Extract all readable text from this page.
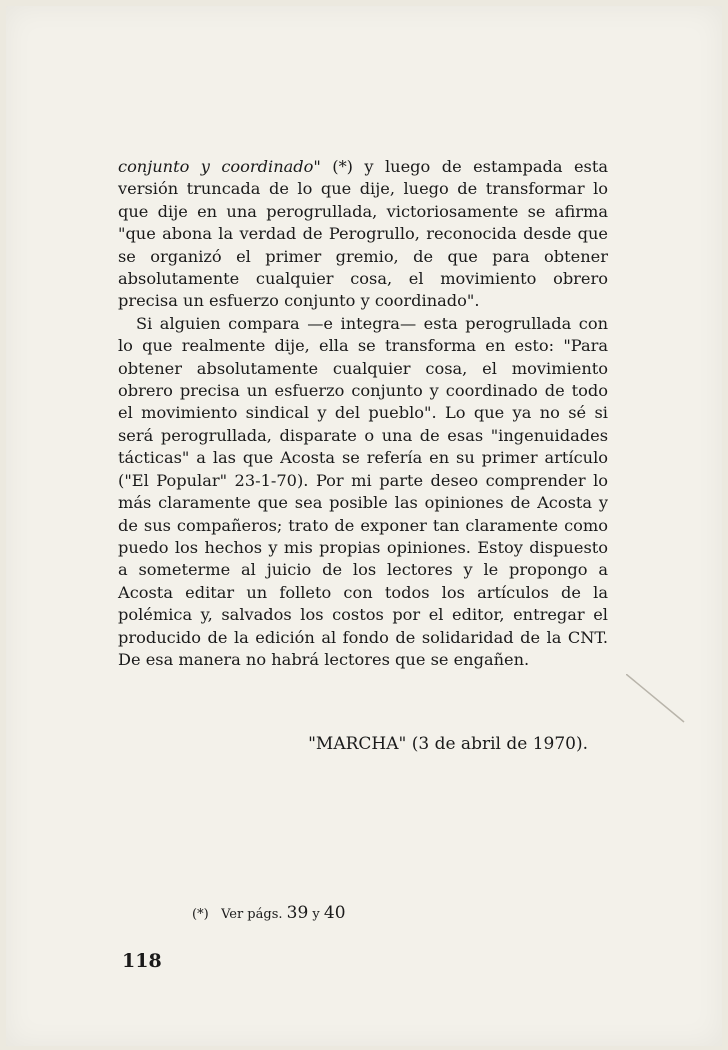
conjunto y coordinado" (*) y luego de estampada esta versión truncada de lo que dije, luego de transformar lo que dije en una perogrullada, victoriosamente se afirma "que abona la verdad de Perogrullo, reconocida desde que se organizó el primer gremio, de que para obtener absolutamente cualquier cosa, el movimiento obrero precisa un esfuerzo conjunto y coordinado".

Si alguien compara —e integra— esta perogrullada con lo que realmente dije, ella se transforma en esto: "Para obtener absolutamente cualquier cosa, el movimiento obrero precisa un esfuerzo conjunto y coordinado de todo el movimiento sindical y del pueblo". Lo que ya no sé si será perogrullada, disparate o una de esas "ingenuidades tácticas" a las que Acosta se refería en su primer artículo ("El Popular" 23-1-70). Por mi parte deseo comprender lo más claramente que sea posible las opiniones de Acosta y de sus compañeros; trato de exponer tan claramente como puedo los hechos y mis propias opiniones. Estoy dispuesto a someterme al juicio de los lectores y le propongo a Acosta editar un folleto con todos los artículos de la polémica y, salvados los costos por el editor, entregar el producido de la edición al fondo de solidaridad de la CNT. De esa manera no habrá lectores que se engañen.

"MARCHA" (3 de abril de 1970).
(*) Ver págs. 39 y 40
118
